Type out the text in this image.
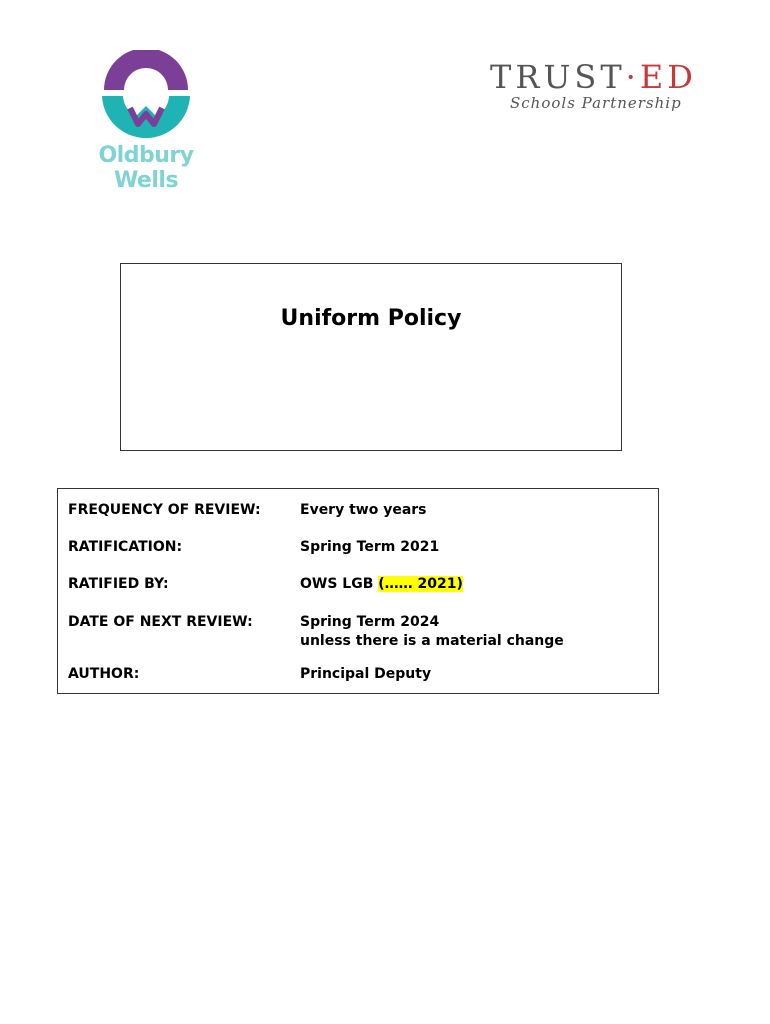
Oldbury Wells
TRUST·ED
Schools Partnership
Uniform Policy
FREQUENCY OF REVIEW:	Every two years
RATIFICATION:	Spring Term 2021
RATIFIED BY:	OWS LGB (…… 2021)
DATE OF NEXT REVIEW:	Spring Term 2024
unless there is a material change
AUTHOR:	Principal Deputy
